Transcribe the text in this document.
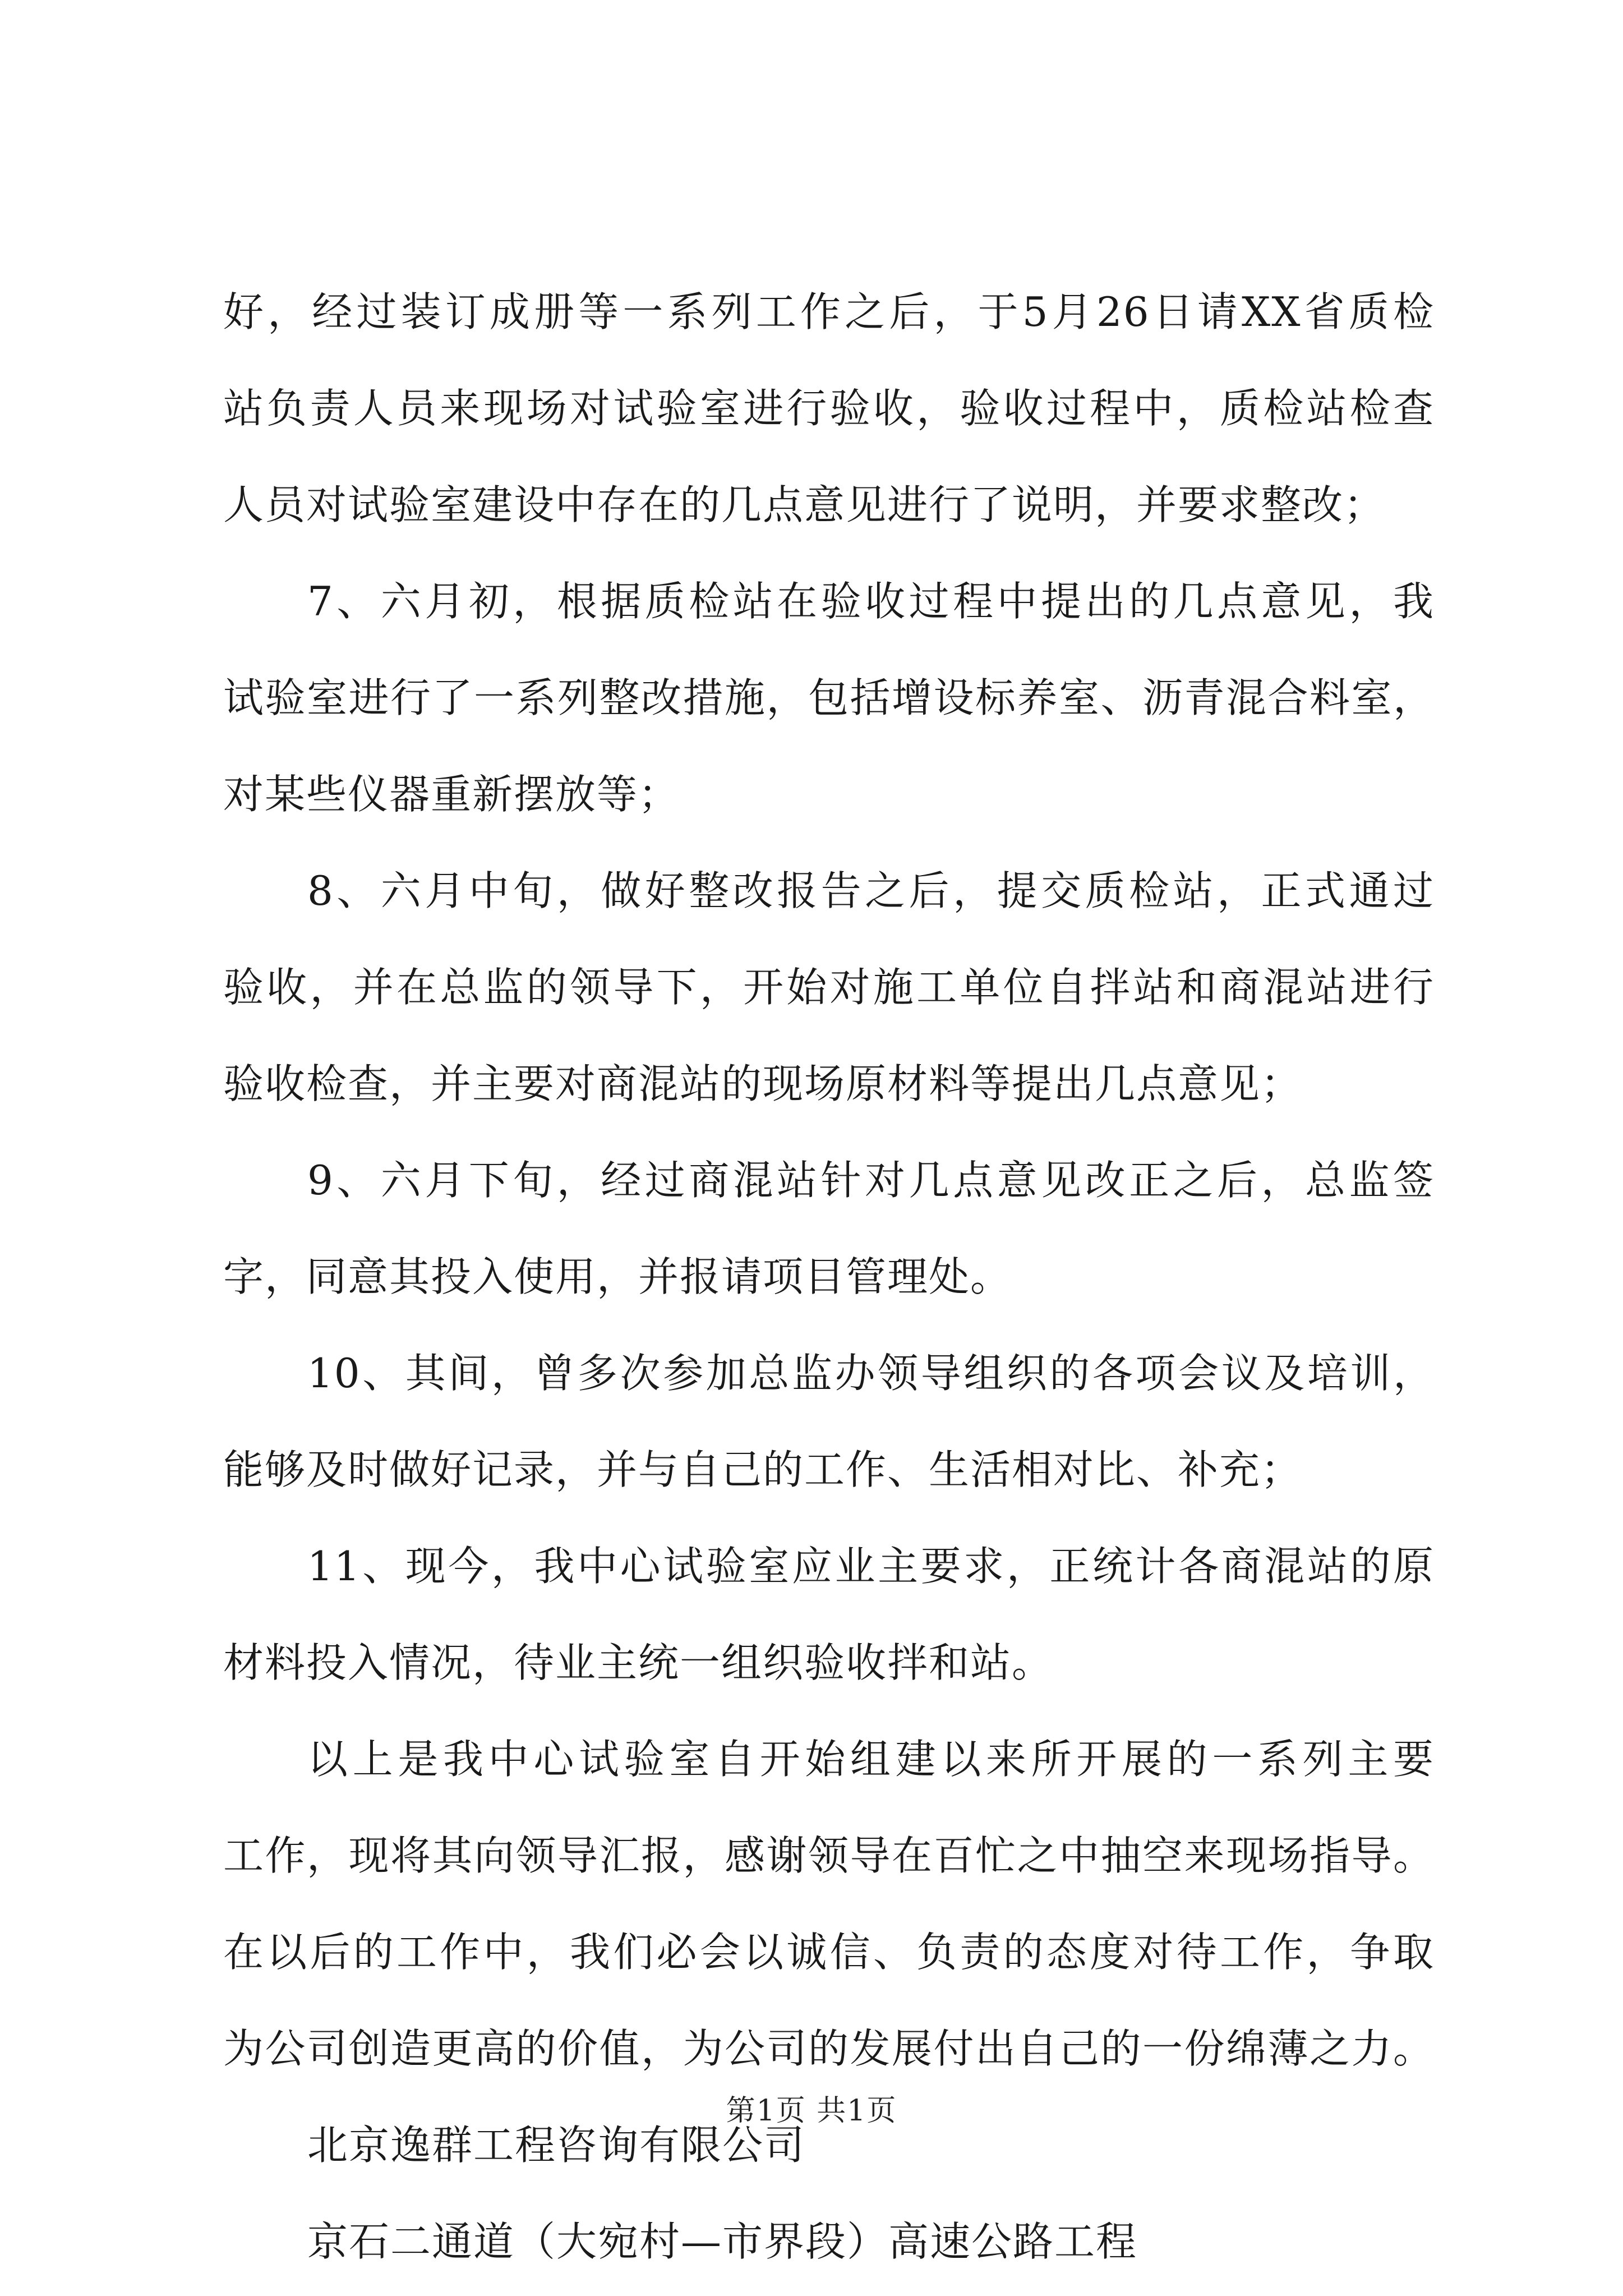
好，经过装订成册等一系列工作之后，于5月26日请XX省质检
站负责人员来现场对试验室进行验收，验收过程中，质检站检查
人员对试验室建设中存在的几点意见进行了说明，并要求整改；
7、六月初，根据质检站在验收过程中提出的几点意见，我
试验室进行了一系列整改措施，包括增设标养室、沥青混合料室，
对某些仪器重新摆放等；
8、六月中旬，做好整改报告之后，提交质检站，正式通过
验收，并在总监的领导下，开始对施工单位自拌站和商混站进行
验收检查，并主要对商混站的现场原材料等提出几点意见；
9、六月下旬，经过商混站针对几点意见改正之后，总监签
字，同意其投入使用，并报请项目管理处。
10、其间，曾多次参加总监办领导组织的各项会议及培训，
能够及时做好记录，并与自己的工作、生活相对比、补充；
11、现今，我中心试验室应业主要求，正统计各商混站的原
材料投入情况，待业主统一组织验收拌和站。
以上是我中心试验室自开始组建以来所开展的一系列主要
工作，现将其向领导汇报，感谢领导在百忙之中抽空来现场指导。
在以后的工作中，我们必会以诚信、负责的态度对待工作，争取
为公司创造更高的价值，为公司的发展付出自己的一份绵薄之力。
北京逸群工程咨询有限公司
京石二通道（大宛村—市界段）高速公路工程
第1页 共1页
